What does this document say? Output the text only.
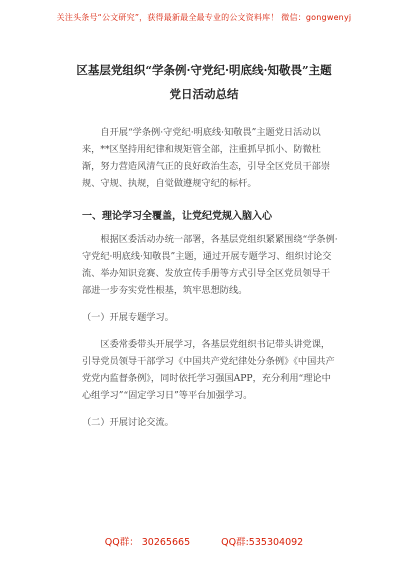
关注头条号“公文研究”，获得最新最全最专业的公文资料库！ 微信：gongwenyj
区基层党组织“学条例·守党纪·明底线·知敬畏”主题
党日活动总结

自开展“学条例·守党纪·明底线·知敬畏”主题党日活动以来，**区坚持用纪律和规矩管全部，注重抓早抓小、防微杜渐，努力营造风清气正的良好政治生态，引导全区党员干部崇规、守规、执规，自觉做遵规守纪的标杆。

一、理论学习全覆盖，让党纪党规入脑入心

根据区委活动办统一部署，各基层党组织紧紧围绕“学条例·守党纪·明底线·知敬畏”主题，通过开展专题学习、组织讨论交流、举办知识竞赛、发放宣传手册等方式引导全区党员领导干部进一步夯实党性根基，筑牢思想防线。

（一）开展专题学习。

区委常委带头开展学习，各基层党组织书记带头讲党课，引导党员领导干部学习《中国共产党纪律处分条例》《中国共产党党内监督条例》，同时依托学习强国APP，充分利用“理论中心组学习”“固定学习日”等平台加强学习。

（二）开展讨论交流。

QQ群： 30265665	QQ群:535304092
